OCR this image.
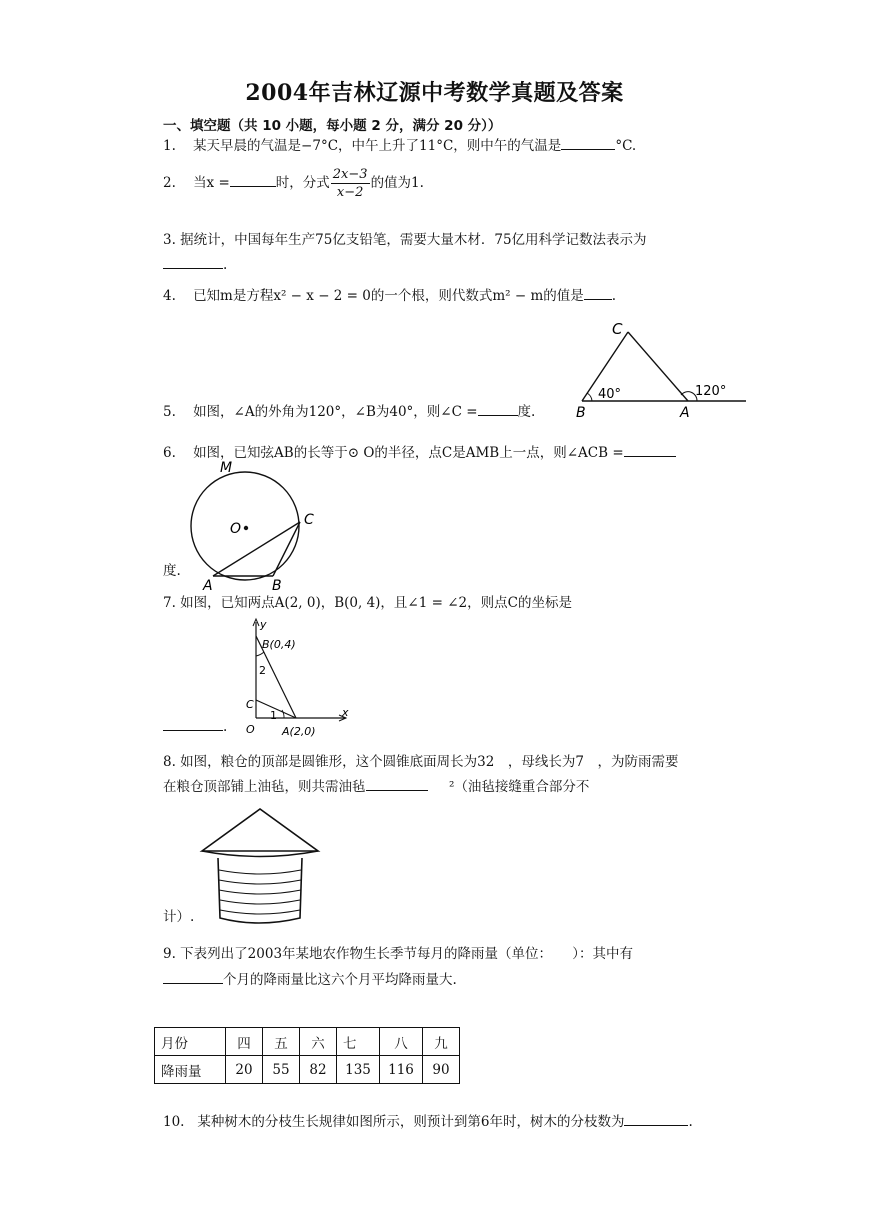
2004年吉林辽源中考数学真题及答案
一、填空题（共 10 小题，每小题 2 分，满分 20 分））
1. 某天早晨的气温是−7°C，中午上升了11°C，则中午的气温是	°C.
2. 当x =	时，分式 $\frac{2x-3}{x-2}$ 的值为1.
3. 据统计，中国每年生产75亿支铅笔，需要大量木材．75亿用科学记数法表示为
.
4. 已知m是方程x² − x − 2 = 0的一个根，则代数式m² − m的值是 .
5. 如图，∠A的外角为120°，∠B为40°，则∠C =	度.
C
B	A
40°	120°
6. 如图，已知弦AB的长等于⊙ O的半径，点C是AMB上一点，则∠ACB =
度.
M
O
C
A	B
7. 如图，已知两点A(2, 0)，B(0, 4)，且∠1 = ∠2，则点C的坐标是
.
y
x
O
B(0,4)
A(2,0)
C
1
2
8. 如图，粮仓的顶部是圆锥形，这个圆锥底面周长为32　，母线长为7　，为防雨需要
在粮仓顶部铺上油毡，则共需油毡	²（油毡接缝重合部分不
计）.
9. 下表列出了2003年某地农作物生长季节每月的降雨量（单位：　　）：其中有
个月的降雨量比这六个月平均降雨量大.
月份	四	五	六	七	八	九
降雨量	20	55	82	135	116	90
10. 某种树木的分枝生长规律如图所示，则预计到第6年时，树木的分枝数为	.
